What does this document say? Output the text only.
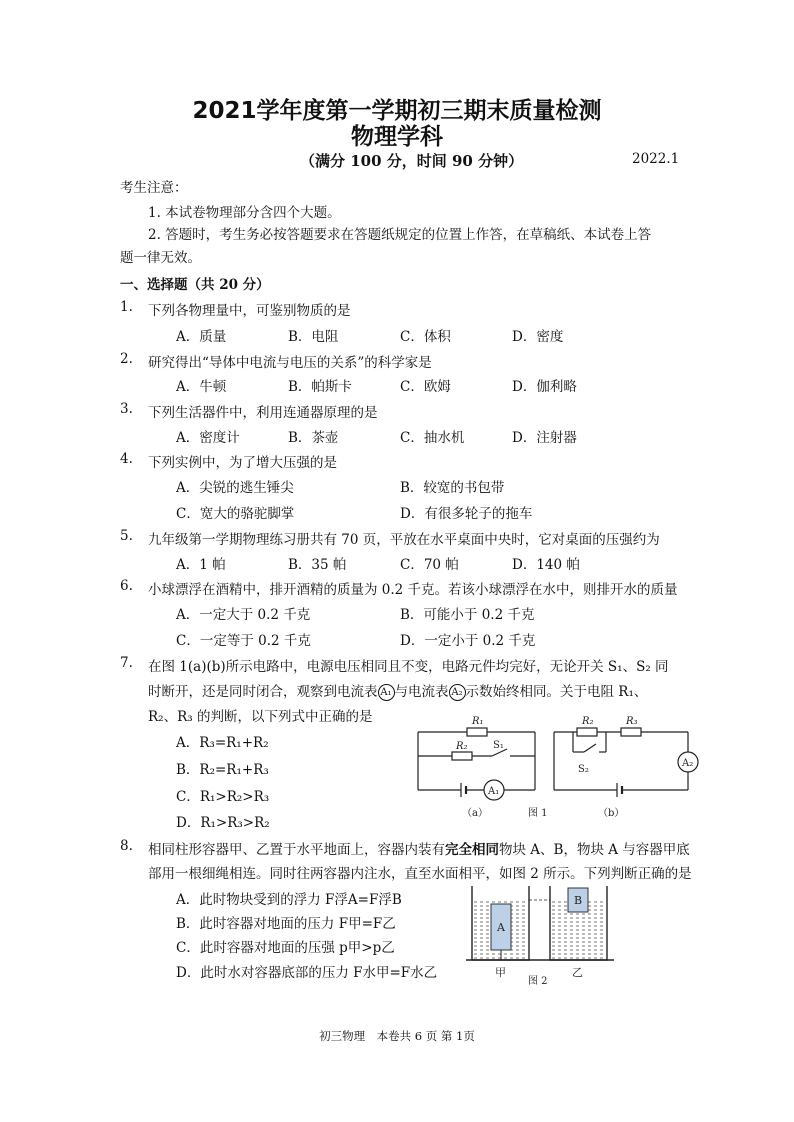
2021学年度第一学期初三期末质量检测
物理学科
（满分 100 分，时间 90 分钟）	2022.1
考生注意：
1. 本试卷物理部分含四个大题。
2. 答题时，考生务必按答题要求在答题纸规定的位置上作答，在草稿纸、本试卷上答
题一律无效。
一、选择题（共 20 分）
1. 下列各物理量中，可鉴别物质的是
A．质量	B．电阻	C．体积	D．密度
2. 研究得出“导体中电流与电压的关系”的科学家是
A．牛顿	B．帕斯卡	C．欧姆	D．伽利略
3. 下列生活器件中，利用连通器原理的是
A．密度计	B．茶壶	C．抽水机	D．注射器
4. 下列实例中，为了增大压强的是
A．尖锐的逃生锤尖	B．较宽的书包带
C．宽大的骆驼脚掌	D．有很多轮子的拖车
5. 九年级第一学期物理练习册共有 70 页，平放在水平桌面中央时，它对桌面的压强约为
A．1 帕	B．35 帕	C．70 帕	D．140 帕
6. 小球漂浮在酒精中，排开酒精的质量为 0.2 千克。若该小球漂浮在水中，则排开水的质量
A．一定大于 0.2 千克	B．可能小于 0.2 千克
C．一定等于 0.2 千克	D．一定小于 0.2 千克
7. 在图 1(a)(b)所示电路中，电源电压相同且不变，电路元件均完好，无论开关 S₁、S₂ 同
时断开，还是同时闭合，观察到电流表 A₁ 与电流表 A₂ 示数始终相同。关于电阻 R₁、
R₂、R₃ 的判断，以下列式中正确的是
A．R₃=R₁+R₂
B．R₂=R₁+R₃
C．R₁>R₂>R₃
D．R₁>R₃>R₂
R₁
R₂	S₁
A₁
R₂	R₃
S₂
A₂
（a）	图 1	（b）
8. 相同柱形容器甲、乙置于水平地面上，容器内装有完全相同物块 A、B，物块 A 与容器甲底
部用一根细绳相连。同时往两容器内注水，直至水面相平，如图 2 所示。下列判断正确的是
A．此时物块受到的浮力 F浮A=F浮B
B．此时容器对地面的压力 F甲=F乙
C．此时容器对地面的压强 p甲>p乙
D．此时水对容器底部的压力 F水甲=F水乙
A
B
甲	乙
图 2
初三物理　本卷共 6 页 第 1页
